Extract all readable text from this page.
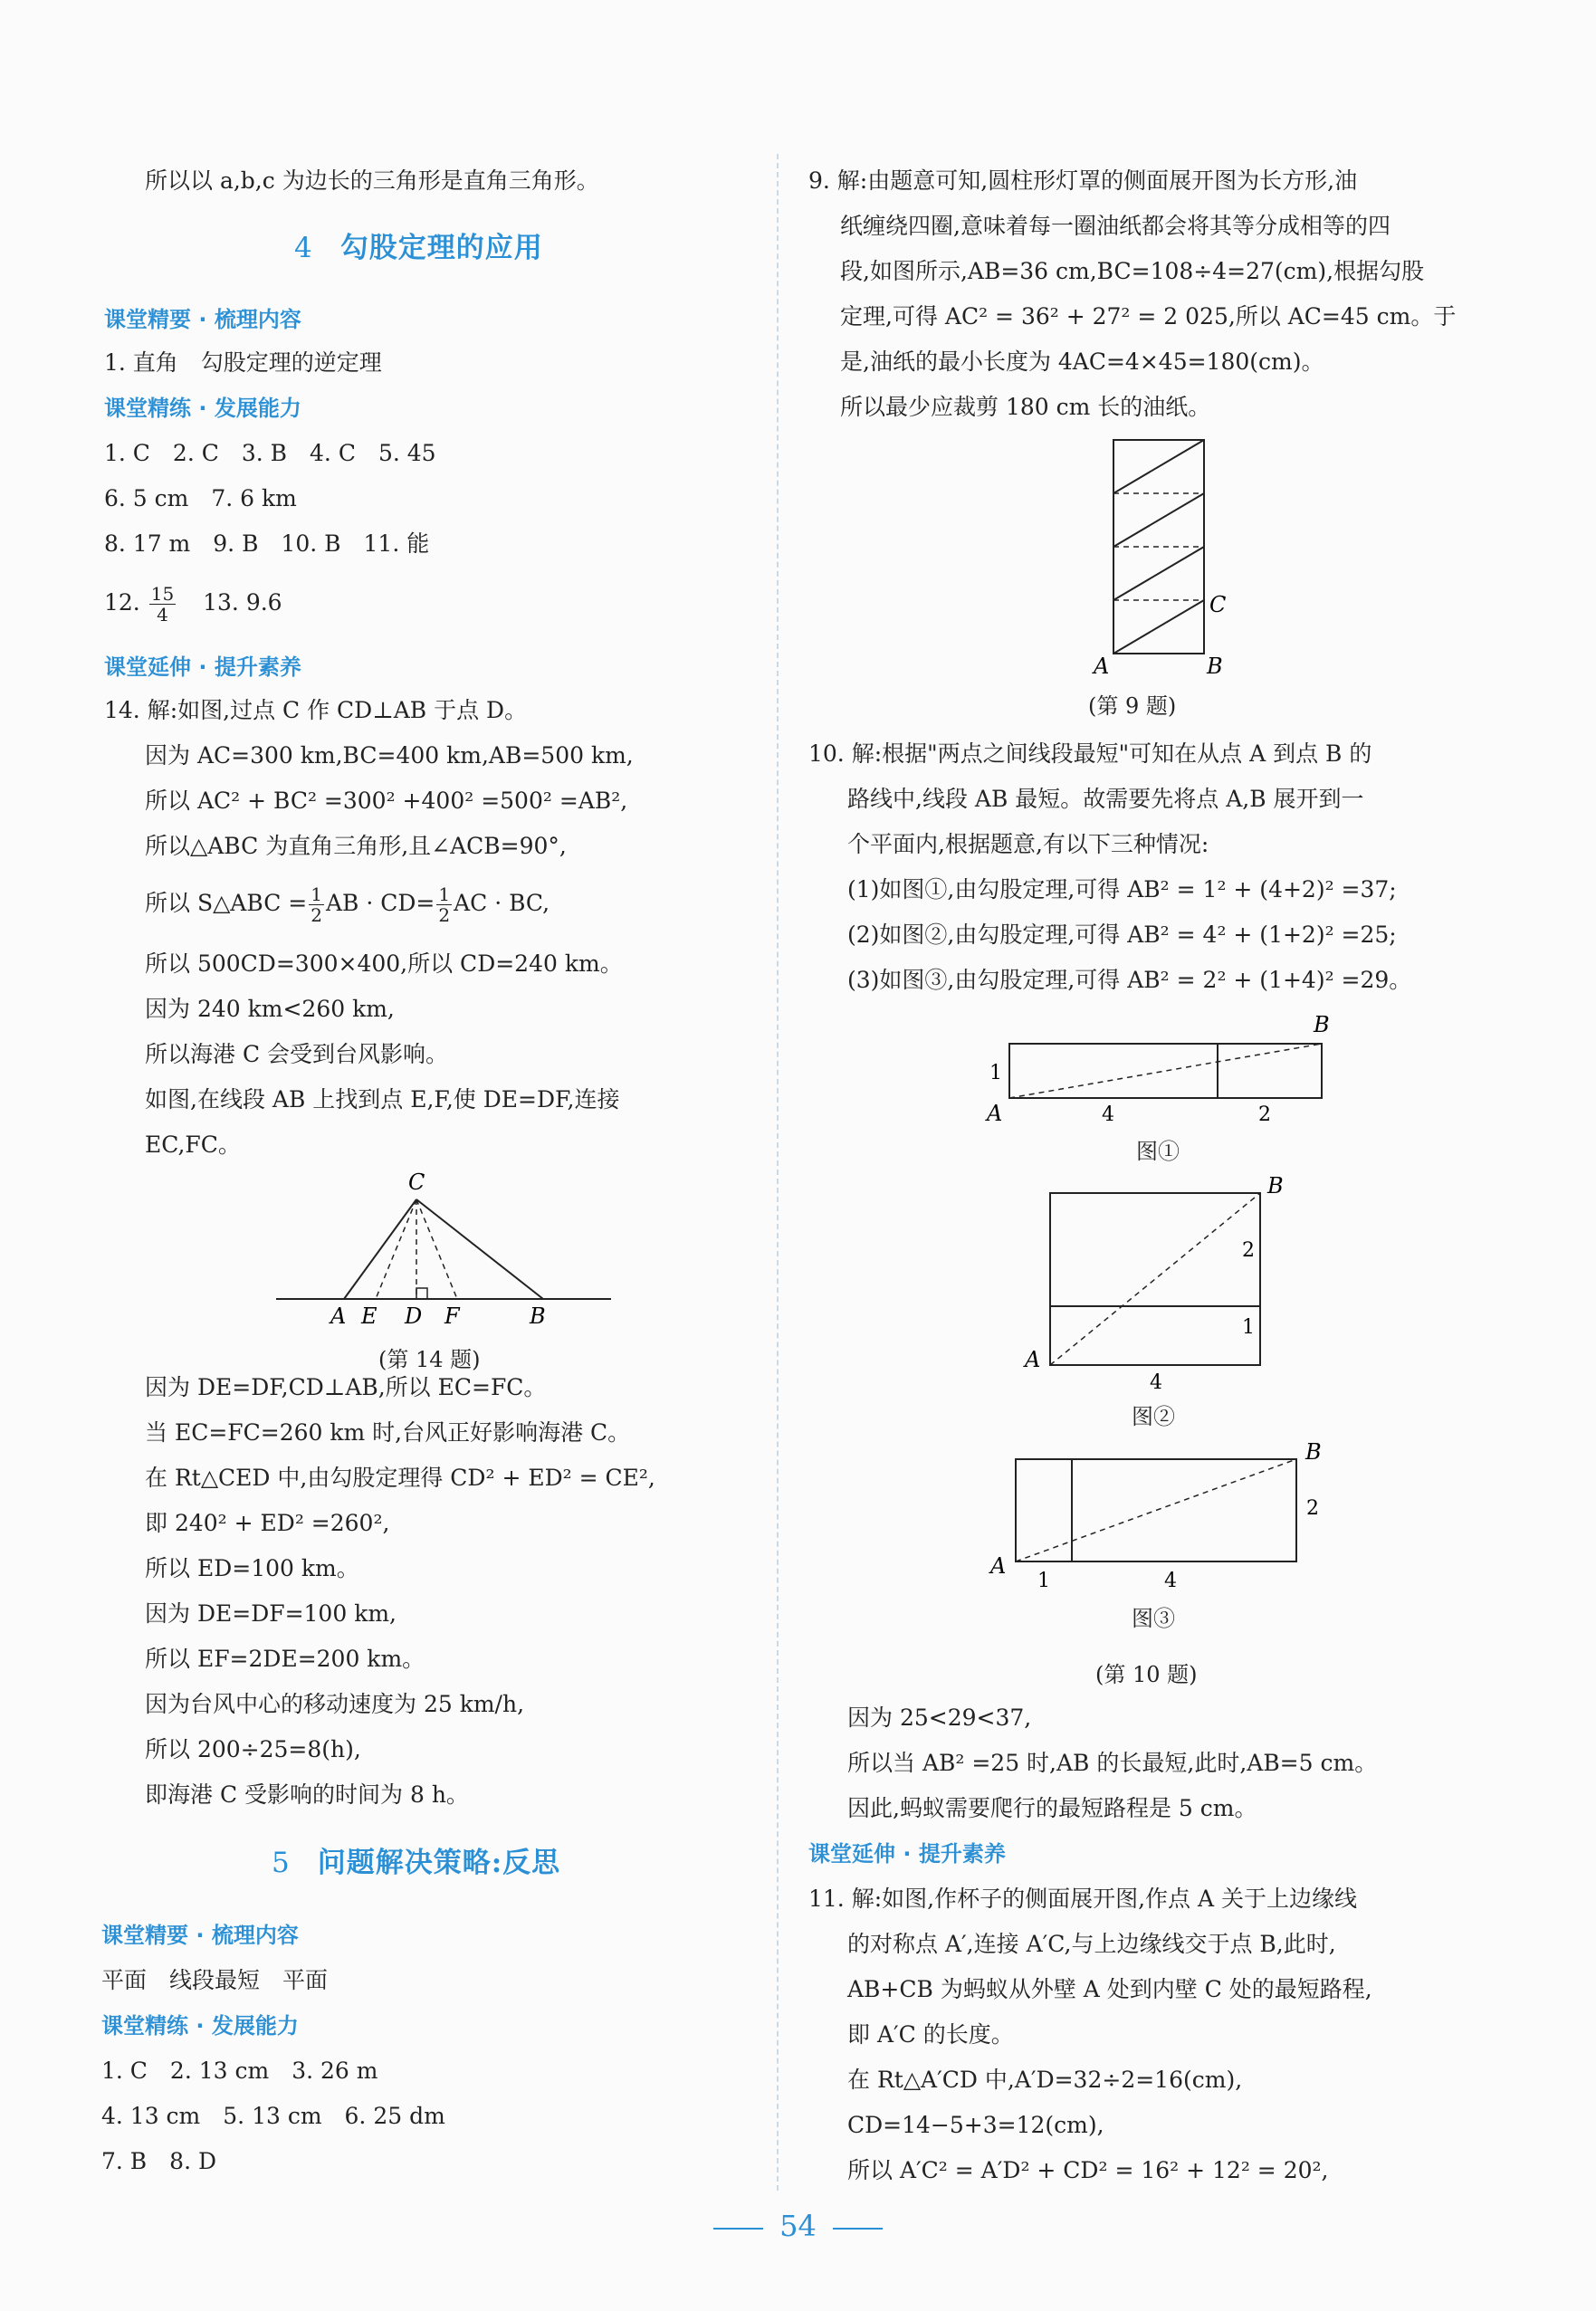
所以以 a,b,c 为边长的三角形是直角三角形。
4 勾股定理的应用
课堂精要 · 梳理内容
1. 直角　勾股定理的逆定理
课堂精练 · 发展能力
1. C　2. C　3. B　4. C　5. 45
6. 5 cm　7. 6 km
8. 17 m　9. B　10. B　11. 能
12. $\frac{15}{4} 13$. 9.6
课堂延伸 · 提升素养
14. 解:如图,过点 C 作 CD⊥AB 于点 D。
因为 AC=300 km,BC=400 km,AB=500 km,
所以 AC² + BC² =300² +400² =500² =AB²,
所以△ABC 为直角三角形,且∠ACB=90°,
所以 S△ABC = $\frac{1}{2}$ AB · $CD= \frac{1}{2}$ AC · BC,
所以 500CD=300×400,所以 CD=240 km。
因为 240 km<260 km,
所以海港 C 会受到台风影响。
如图,在线段 AB 上找到点 E,F,使 DE=DF,连接
EC,FC。
C
A E D F	B
(第 14 题)
因为 DE=DF,CD⊥AB,所以 EC=FC。
当 EC=FC=260 km 时,台风正好影响海港 C。
在 Rt△CED 中,由勾股定理得 CD² + ED² = CE²,
即 240² + ED² =260²,
所以 ED=100 km。
因为 DE=DF=100 km,
所以 EF=2DE=200 km。
因为台风中心的移动速度为 25 km/h,
所以 200÷25=8(h),
即海港 C 受影响的时间为 8 h。
5 问题解决策略:反思
课堂精要 · 梳理内容
平面　线段最短　平面
课堂精练 · 发展能力
1. C　2. 13 cm　3. 26 m
4. 13 cm　5. 13 cm　6. 25 dm
7. B　8. D
9. 解:由题意可知,圆柱形灯罩的侧面展开图为长方形,油
纸缠绕四圈,意味着每一圈油纸都会将其等分成相等的四
段,如图所示,AB=36 cm,BC=108÷4=27(cm),根据勾股
定理,可得 AC² = 36² + 27² = 2 025,所以 AC=45 cm。于
是,油纸的最小长度为 4AC=4×45=180(cm)。
所以最少应裁剪 180 cm 长的油纸。
C
A	B
(第 9 题)
10. 解:根据"两点之间线段最短"可知在从点 A 到点 B 的
路线中,线段 AB 最短。故需要先将点 A,B 展开到一
个平面内,根据题意,有以下三种情况:
(1)如图①,由勾股定理,可得 AB² = 1² + (4+2)² =37;
(2)如图②,由勾股定理,可得 AB² = 4² + (1+2)² =25;
(3)如图③,由勾股定理,可得 AB² = 2² + (1+4)² =29。
B
1
A	4	2
图①
B
2
1
A
4
图②
B
2
A
1	4
图③
(第 10 题)
因为 25<29<37,
所以当 AB² =25 时,AB 的长最短,此时,AB=5 cm。
因此,蚂蚁需要爬行的最短路程是 5 cm。
课堂延伸 · 提升素养
11. 解:如图,作杯子的侧面展开图,作点 A 关于上边缘线
的对称点 A′,连接 A′C,与上边缘线交于点 B,此时,
AB+CB 为蚂蚁从外壁 A 处到内壁 C 处的最短路程,
即 A′C 的长度。
在 Rt△A′CD 中,A′D=32÷2=16(cm),
CD=14−5+3=12(cm),
所以 A′C² = A′D² + CD² = 16² + 12² = 20²,
54
